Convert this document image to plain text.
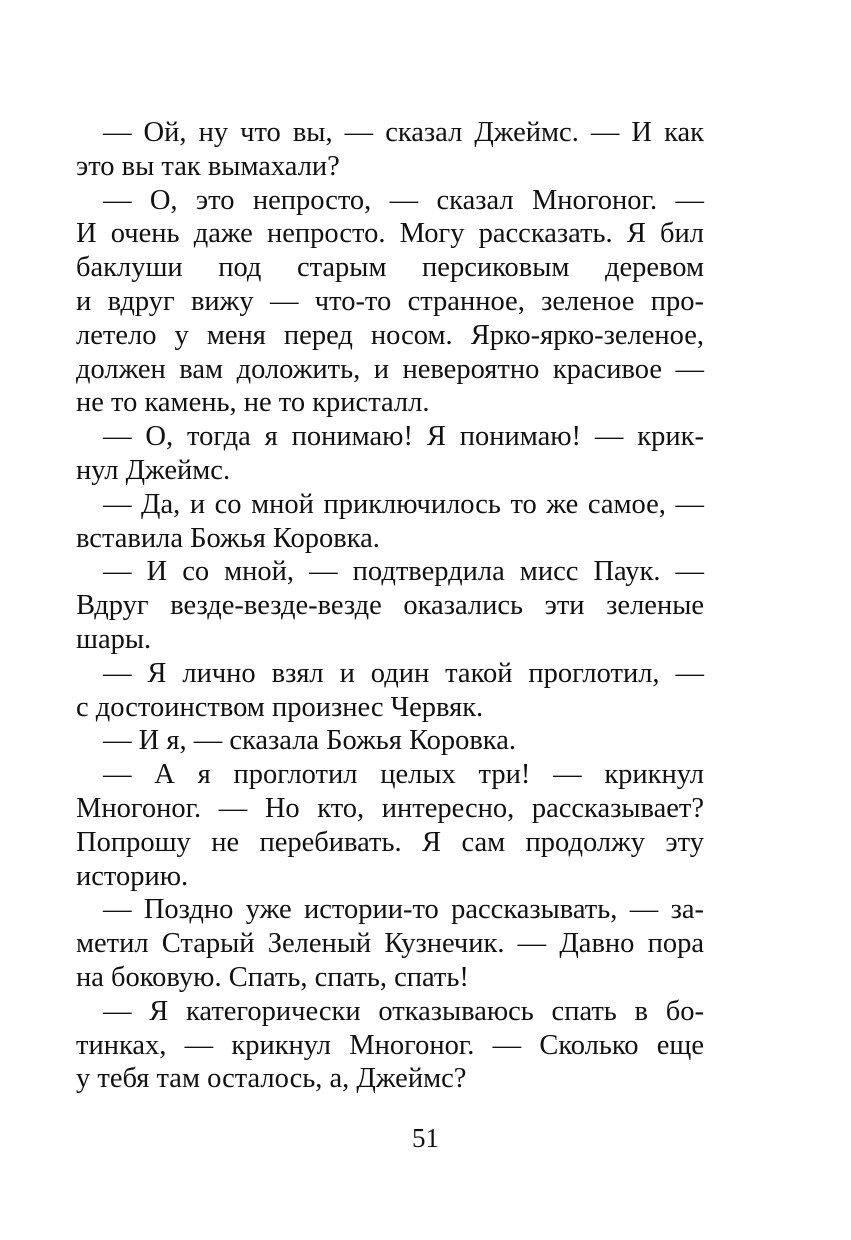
— Ой, ну что вы, — сказал Джеймс. — И как
это вы так вымахали?
— О, это непросто, — сказал Многоног. —
И очень даже непросто. Могу рассказать. Я бил
баклуши под старым персиковым деревом
и вдруг вижу — что-то странное, зеленое про-
летело у меня перед носом. Ярко-ярко-зеленое,
должен вам доложить, и невероятно красивое —
не то камень, не то кристалл.
— О, тогда я понимаю! Я понимаю! — крик-
нул Джеймс.
— Да, и со мной приключилось то же самое, —
вставила Божья Коровка.
— И со мной, — подтвердила мисс Паук. —
Вдруг везде-везде-везде оказались эти зеленые
шары.
— Я лично взял и один такой проглотил, —
с достоинством произнес Червяк.
— И я, — сказала Божья Коровка.
— А я проглотил целых три! — крикнул
Многоног. — Но кто, интересно, рассказывает?
Попрошу не перебивать. Я сам продолжу эту
историю.
— Поздно уже истории-то рассказывать, — за-
метил Старый Зеленый Кузнечик. — Давно пора
на боковую. Спать, спать, спать!
— Я категорически отказываюсь спать в бо-
тинках, — крикнул Многоног. — Сколько еще
у тебя там осталось, а, Джеймс?
51
